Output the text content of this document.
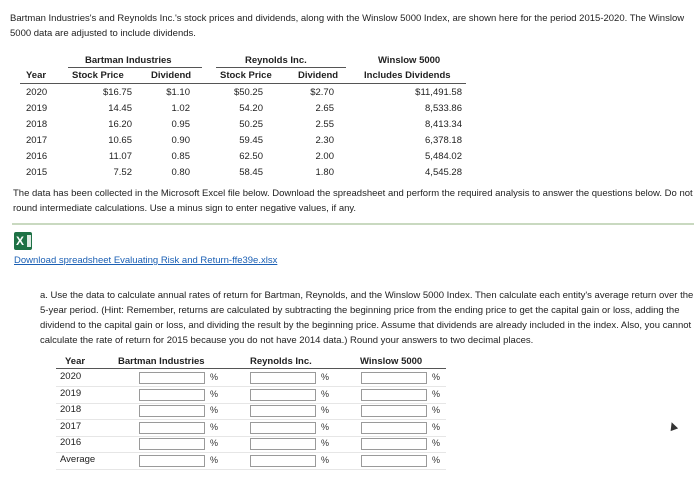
Bartman Industries's and Reynolds Inc.'s stock prices and dividends, along with the Winslow 5000 Index, are shown here for the period 2015-2020. The Winslow 5000 data are adjusted to include dividends.
Bartman Industries	Reynolds Inc.	Winslow 5000
Year	Stock Price	Dividend	Stock Price	Dividend	Includes Dividends
2020	$16.75	$1.10	$50.25	$2.70	$11,491.58
2019	14.45	1.02	54.20	2.65	8,533.86
2018	16.20	0.95	50.25	2.55	8,413.34
2017	10.65	0.90	59.45	2.30	6,378.18
2016	11.07	0.85	62.50	2.00	5,484.02
2015	7.52	0.80	58.45	1.80	4,545.28
The data has been collected in the Microsoft Excel file below. Download the spreadsheet and perform the required analysis to answer the questions below. Do not round intermediate calculations. Use a minus sign to enter negative values, if any.
X
Download spreadsheet Evaluating Risk and Return-ffe39e.xlsx
a. Use the data to calculate annual rates of return for Bartman, Reynolds, and the Winslow 5000 Index. Then calculate each entity's average return over the 5-year period. (Hint: Remember, returns are calculated by subtracting the beginning price from the ending price to get the capital gain or loss, adding the dividend to the capital gain or loss, and dividing the result by the beginning price. Assume that dividends are already included in the index. Also, you cannot calculate the rate of return for 2015 because you do not have 2014 data.) Round your answers to two decimal places.
Year	Bartman Industries	Reynolds Inc.	Winslow 5000
2020	%	%	%
2019	%	%	%
2018	%	%	%
2017	%	%	%
2016	%	%	%
Average	%	%	%
